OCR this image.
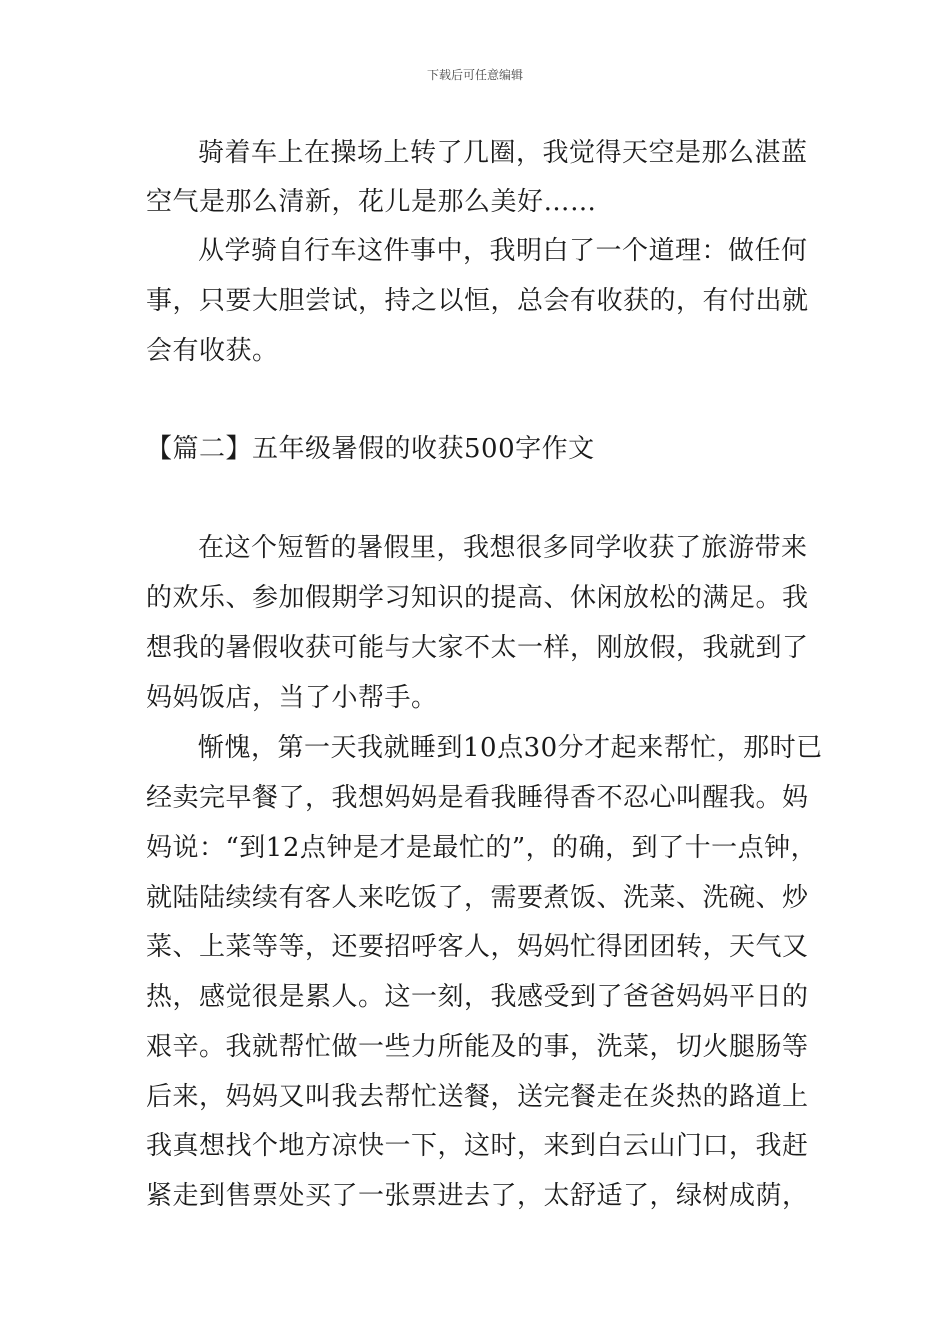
下载后可任意编辑
骑着车上在操场上转了几圈，我觉得天空是那么湛蓝
空气是那么清新，花儿是那么美好……
从学骑自行车这件事中，我明白了一个道理：做任何
事，只要大胆尝试，持之以恒，总会有收获的，有付出就
会有收获。
【篇二】五年级暑假的收获500字作文
在这个短暂的暑假里，我想很多同学收获了旅游带来
的欢乐、参加假期学习知识的提高、休闲放松的满足。我
想我的暑假收获可能与大家不太一样，刚放假，我就到了
妈妈饭店，当了小帮手。
惭愧，第一天我就睡到10点30分才起来帮忙，那时已
经卖完早餐了，我想妈妈是看我睡得香不忍心叫醒我。妈
妈说：“到12点钟是才是最忙的”，的确，到了十一点钟，
就陆陆续续有客人来吃饭了，需要煮饭、洗菜、洗碗、炒
菜、上菜等等，还要招呼客人，妈妈忙得团团转，天气又
热，感觉很是累人。这一刻，我感受到了爸爸妈妈平日的
艰辛。我就帮忙做一些力所能及的事，洗菜，切火腿肠等
后来，妈妈又叫我去帮忙送餐，送完餐走在炎热的路道上
我真想找个地方凉快一下，这时，来到白云山门口，我赶
紧走到售票处买了一张票进去了，太舒适了，绿树成荫，
